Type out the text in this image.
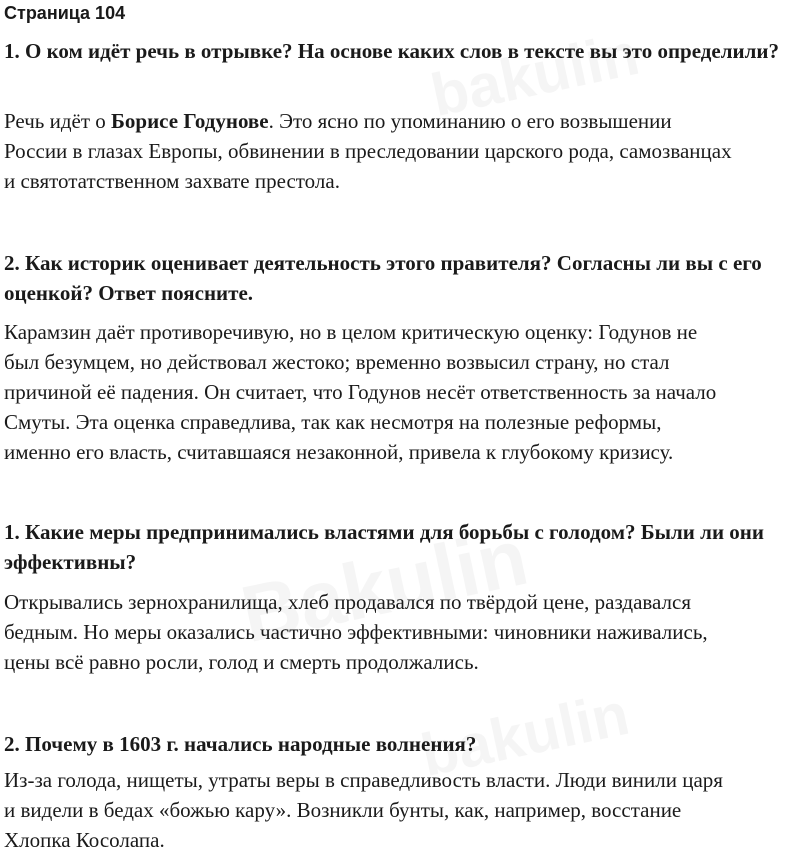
Страница 104

1. О ком идёт речь в отрывке? На основе каких слов в тексте вы это определили?

Речь идёт о Борисе Годунове. Это ясно по упоминанию о его возвышении
России в глазах Европы, обвинении в преследовании царского рода, самозванцах
и святотатственном захвате престола.

2. Как историк оценивает деятельность этого правителя? Согласны ли вы с его оценкой? Ответ поясните.

Карамзин даёт противоречивую, но в целом критическую оценку: Годунов не
был безумцем, но действовал жестоко; временно возвысил страну, но стал
причиной её падения. Он считает, что Годунов несёт ответственность за начало
Смуты. Эта оценка справедлива, так как несмотря на полезные реформы,
именно его власть, считавшаяся незаконной, привела к глубокому кризису.

1. Какие меры предпринимались властями для борьбы с голодом? Были ли они эффективны?

Открывались зернохранилища, хлеб продавался по твёрдой цене, раздавался
бедным. Но меры оказались частично эффективными: чиновники наживались,
цены всё равно росли, голод и смерть продолжались.

2. Почему в 1603 г. начались народные волнения?

Из-за голода, нищеты, утраты веры в справедливость власти. Люди винили царя
и видели в бедах «божью кару». Возникли бунты, как, например, восстание
Хлопка Косолапа.
